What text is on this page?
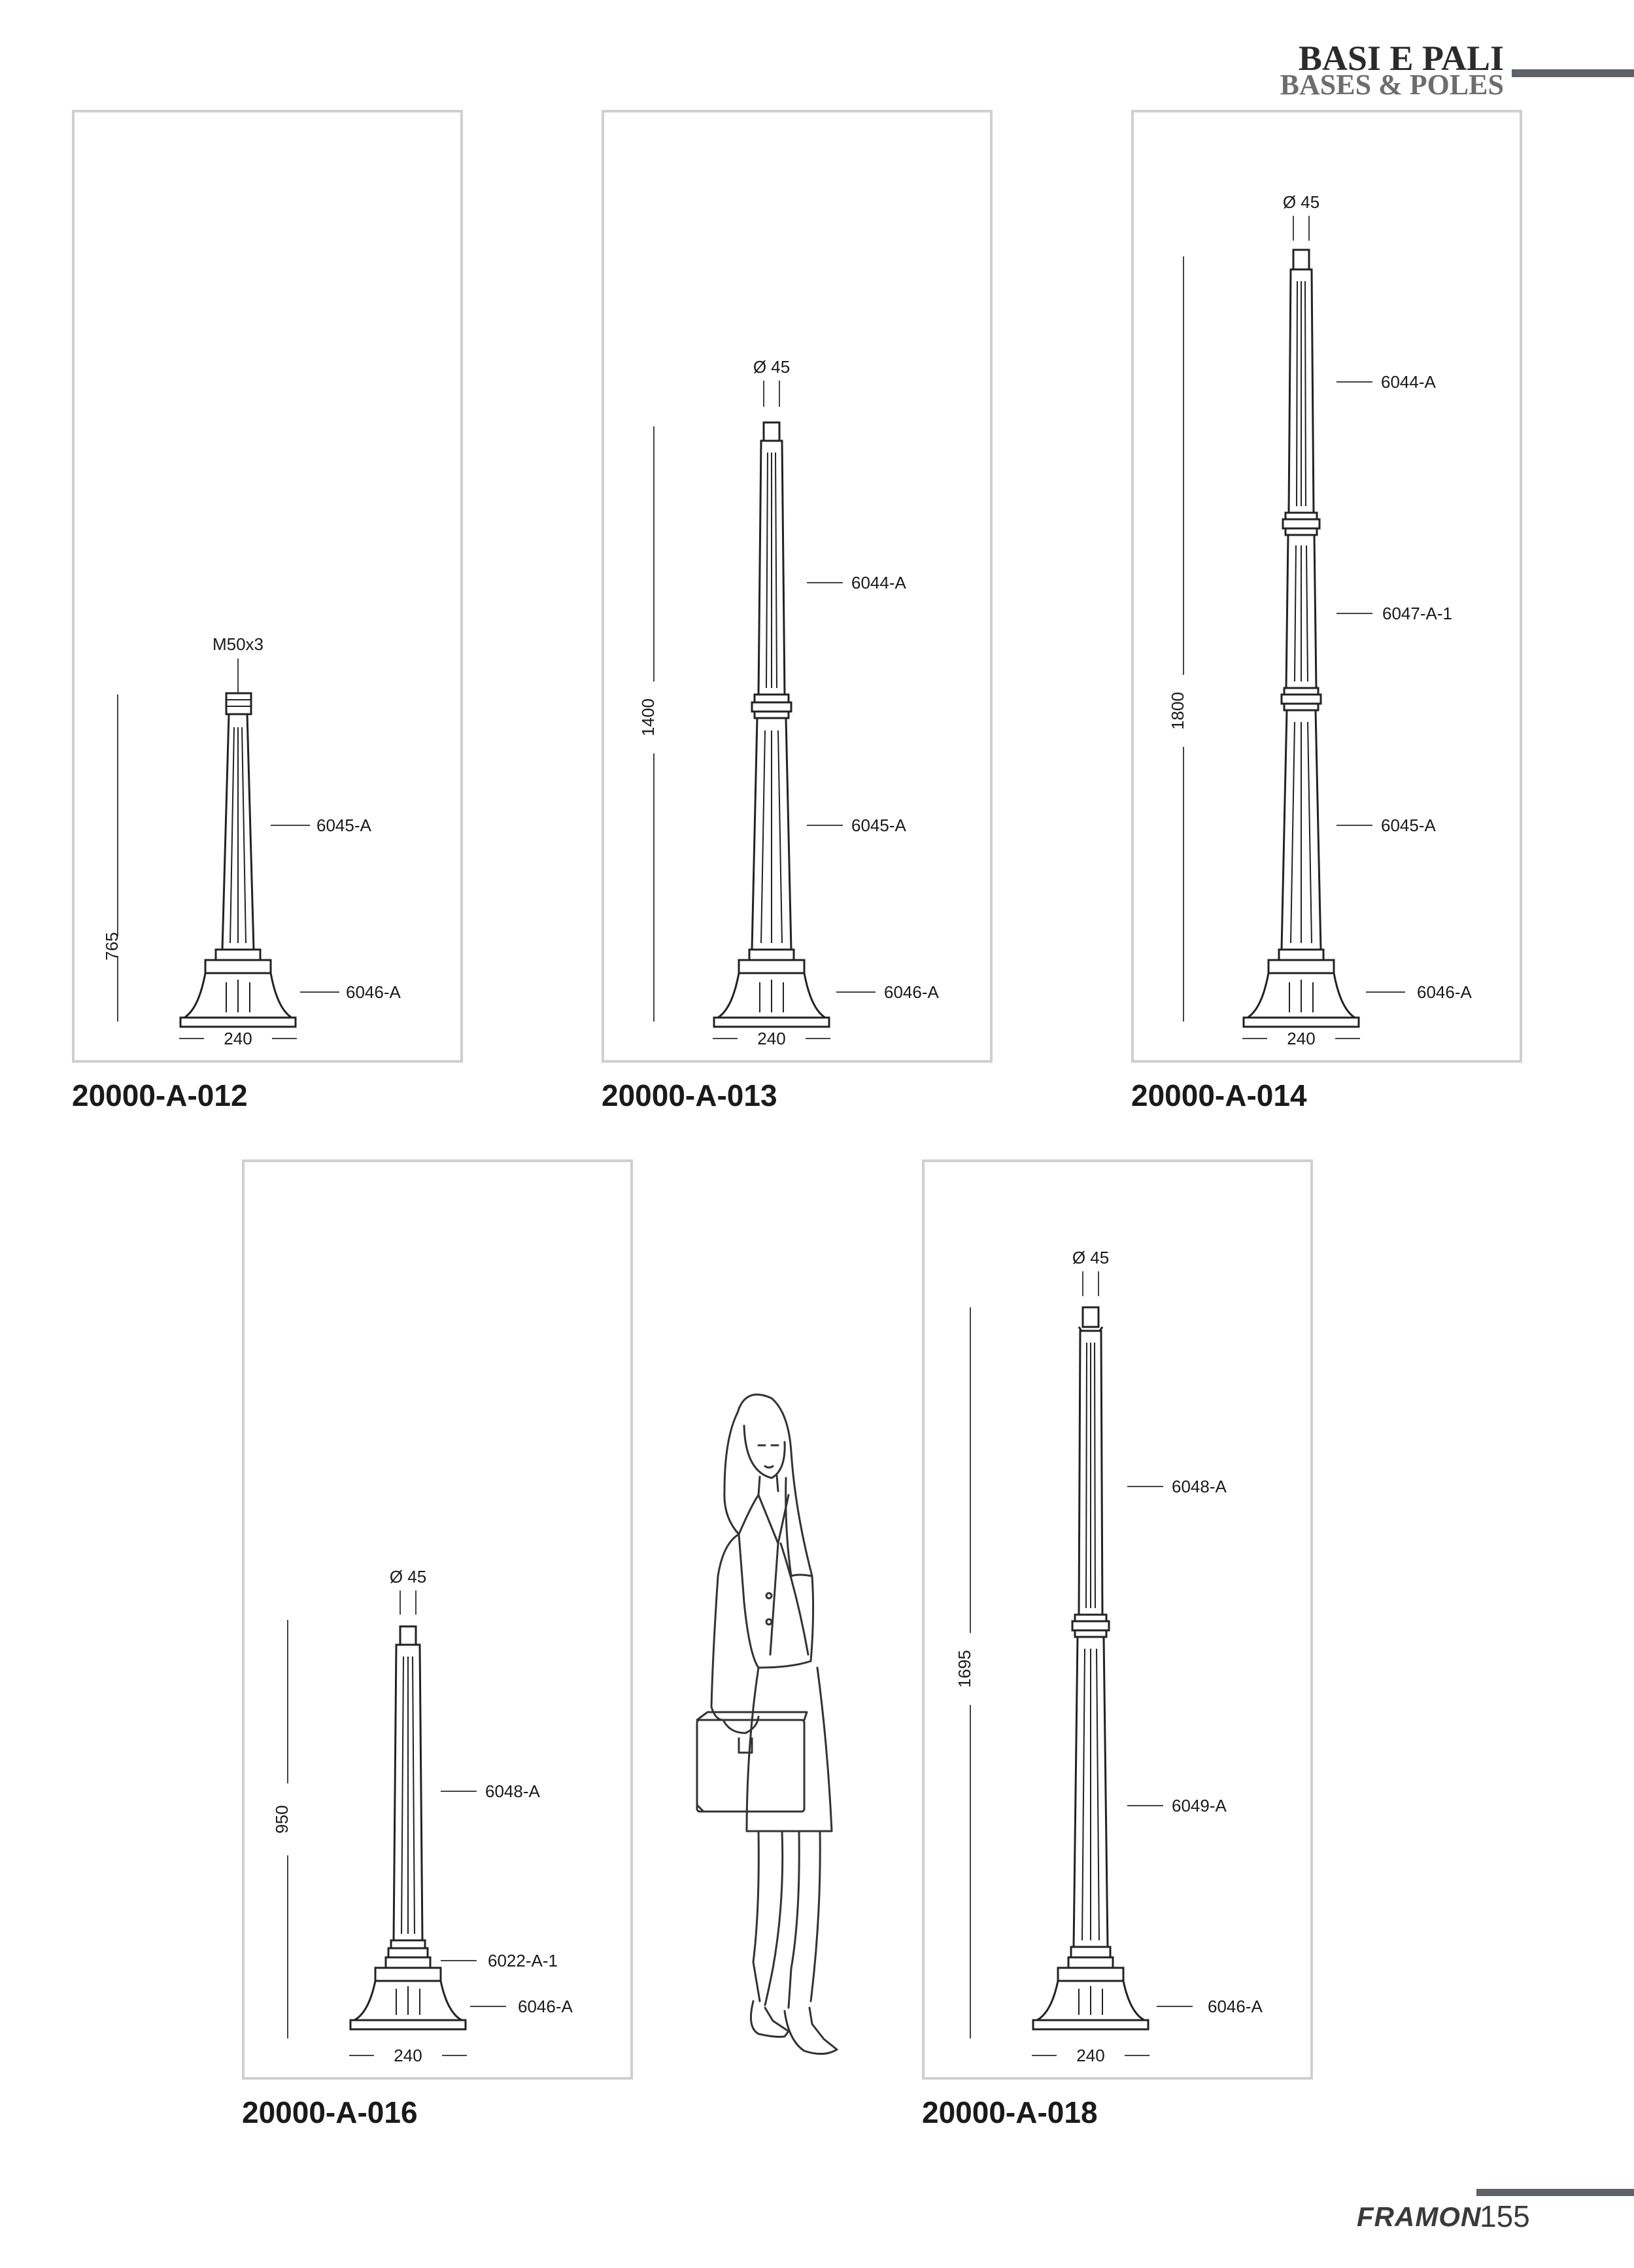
BASI E PALI
BASES & POLES
765
M50x3
6045-A
6046-A
240
20000-A-012
1400
Ø 45
6044-A
6045-A
6046-A
240
20000-A-013
1800
Ø 45
6044-A
6047-A-1
6045-A
6046-A
240
20000-A-014
950
Ø 45
6048-A
6022-A-1
6046-A
240
20000-A-016
1695
Ø 45
6048-A
6049-A
6046-A
240
20000-A-018
FRAMON
155
